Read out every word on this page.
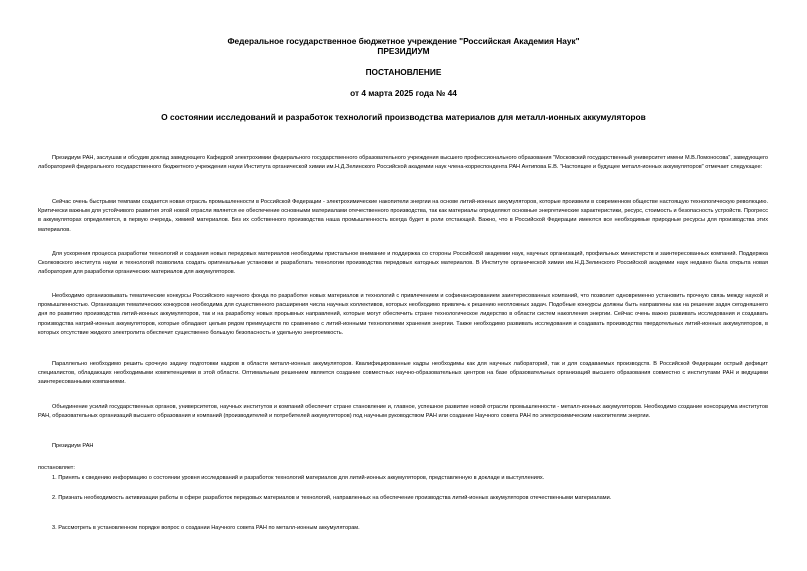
Федеральное государственное бюджетное учреждение "Российская Академия Наук"
ПРЕЗИДИУМ
ПОСТАНОВЛЕНИЕ
от 4 марта 2025 года № 44
О состоянии исследований и разработок технологий производства материалов для металл-ионных аккумуляторов

Президиум РАН, заслушав и обсудив доклад заведующего Кафедрой электрохимии федерального государственного образовательного учреждения высшего профессионального образования "Московский государственный университет имени М.В.Ломоносова", заведующего лабораторией федерального государственного бюджетного учреждения науки Института органической химии им.Н.Д.Зелинского Российской академии наук члена-корреспондента РАН Антипова Е.В. "Настоящее и будущее металл-ионных аккумуляторов" отмечает следующее:

Сейчас очень быстрыми темпами создается новая отрасль промышленности в Российской Федерации - электрохимические накопители энергии на основе литий-ионных аккумуляторов, которые произвели в современном обществе настоящую технологическую революцию. Критически важным для устойчивого развития этой новой отрасли является ее обеспечение основными материалами отечественного производства, так как материалы определяют основные энергетические характеристики, ресурс, стоимость и безопасность устройств. Прогресс в аккумуляторах определяется, в первую очередь, химией материалов. Без их собственного производства наша промышленность всегда будет в роли отстающей. Важно, что в Российской Федерации имеются все необходимые природные ресурсы для производства этих материалов.

Для ускорения процесса разработки технологий и создания новых передовых материалов необходимы пристальное внимание и поддержка со стороны Российской академии наук, научных организаций, профильных министерств и заинтересованных компаний. Поддержка Сколковского института науки и технологий позволила создать оригинальные установки и разработать технологии производства передовых катодных материалов. В Институте органической химии им.Н.Д.Зелинского Российской академии наук недавно была открыта новая лаборатория для разработки органических материалов для аккумуляторов.

Необходимо организовывать тематические конкурсы Российского научного фонда по разработке новых материалов и технологий с привлечением и софинансированием заинтересованных компаний, что позволит одновременно установить прочную связь между наукой и промышленностью. Организация тематических конкурсов необходима для существенного расширения числа научных коллективов, которых необходимо привлечь к решению неотложных задач. Подобные конкурсы должны быть направлены как на решение задач сегодняшнего дня по развитию производства литий-ионных аккумуляторов, так и на разработку новых прорывных направлений, которые могут обеспечить стране технологическое лидерство в области систем накопления энергии. Сейчас очень важно развивать исследования и создавать производства натрий-ионных аккумуляторов, которые обладают целым рядом преимуществ по сравнению с литий-ионными технологиями хранения энергии. Также необходимо развивать исследования и создавать производства твердотельных литий-ионных аккумуляторов, в которых отсутствие жидкого электролита обеспечит существенно большую безопасность и удельную энергоемкость.

Параллельно необходимо решить срочную задачу подготовки кадров в области металл-ионных аккумуляторов. Квалифицированные кадры необходимы как для научных лабораторий, так и для создаваемых производств. В Российской Федерации острый дефицит специалистов, обладающих необходимыми компетенциями в этой области. Оптимальным решением является создание совместных научно-образовательных центров на базе образовательных организаций высшего образования совместно с институтами РАН и ведущими заинтересованными компаниями.

Объединение усилий государственных органов, университетов, научных институтов и компаний обеспечит стране становление и, главное, успешное развитие новой отрасли промышленности - металл-ионных аккумуляторов. Необходимо создание консорциума институтов РАН, образовательных организаций высшего образования и компаний (производителей и потребителей аккумуляторов) под научным руководством РАН или создание Научного совета РАН по электрохимическим накопителям энергии.

Президиум РАН

постановляет:

1. Принять к сведению информацию о состоянии уровня исследований и разработок технологий материалов для литий-ионных аккумуляторов, представленную в докладе и выступлениях.

2. Признать необходимость активизации работы в сфере разработок передовых материалов и технологий, направленных на обеспечение производства литий-ионных аккумуляторов отечественными материалами.

3. Рассмотреть в установленном порядке вопрос о создании Научного совета РАН по металл-ионным аккумуляторам.
